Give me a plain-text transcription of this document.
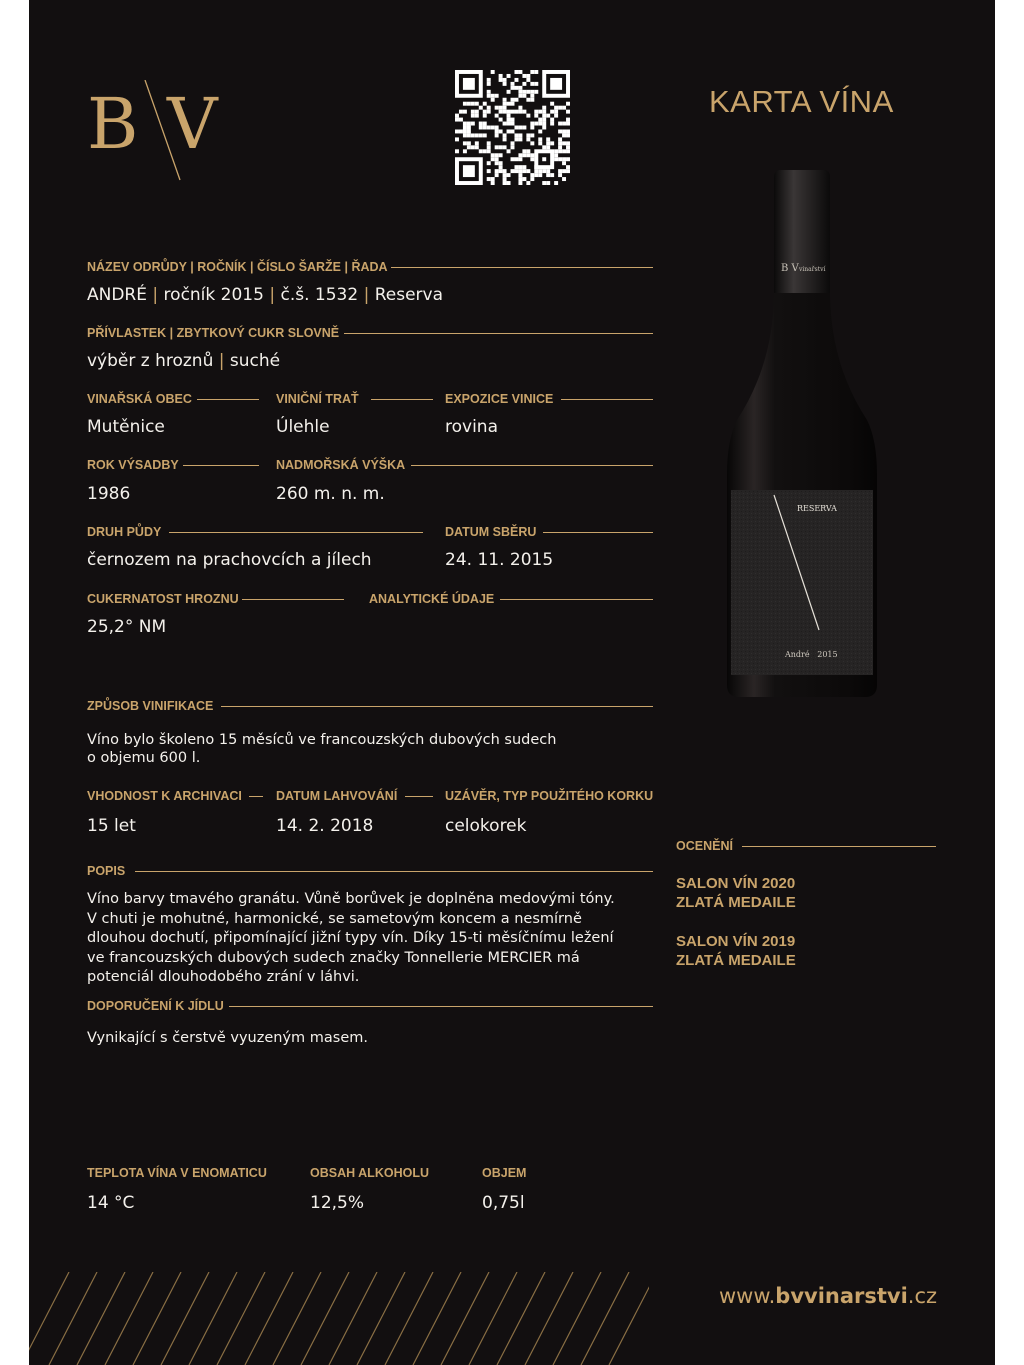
B V	KARTA VÍNA
B V vinařství
RESERVA
André   2015
NÁZEV ODRŮDY | ROČNÍK | ČÍSLO ŠARŽE | ŘADA
ANDRÉ | ročník 2015 | č.š. 1532 | Reserva
PŘÍVLASTEK | ZBYTKOVÝ CUKR SLOVNĚ
výběr z hroznů | suché
VINAŘSKÁ OBEC
Mutěnice
VINIČNÍ TRAŤ
Úlehle
EXPOZICE VINICE
rovina
ROK VÝSADBY
1986
NADMOŘSKÁ VÝŠKA
260 m. n. m.
DRUH PŮDY
černozem na prachovcích a jílech
DATUM SBĚRU
24. 11. 2015
CUKERNATOST HROZNU
25,2° NM
ANALYTICKÉ ÚDAJE
ZPŮSOB VINIFIKACE
Víno bylo školeno 15 měsíců ve francouzských dubových sudech
o objemu 600 l.
VHODNOST K ARCHIVACI
15 let
DATUM LAHVOVÁNÍ
14. 2. 2018
UZÁVĚR, TYP POUŽITÉHO KORKU
celokorek
POPIS
Víno barvy tmavého granátu. Vůně borůvek je doplněna medovými tóny.
V chuti je mohutné, harmonické, se sametovým koncem a nesmírně
dlouhou dochutí, připomínající jižní typy vín. Díky 15-ti měsíčnímu ležení
ve francouzských dubových sudech značky Tonnellerie MERCIER má
potenciál dlouhodobého zrání v láhvi.
DOPORUČENÍ K JÍDLU
Vynikající s čerstvě vyuzeným masem.
TEPLOTA VÍNA V ENOMATICU
14 °C
OBSAH ALKOHOLU
12,5%
OBJEM
0,75l
OCENĚNÍ
SALON VÍN 2020
ZLATÁ MEDAILE
SALON VÍN 2019
ZLATÁ MEDAILE
www.bvvinarstvi.cz
